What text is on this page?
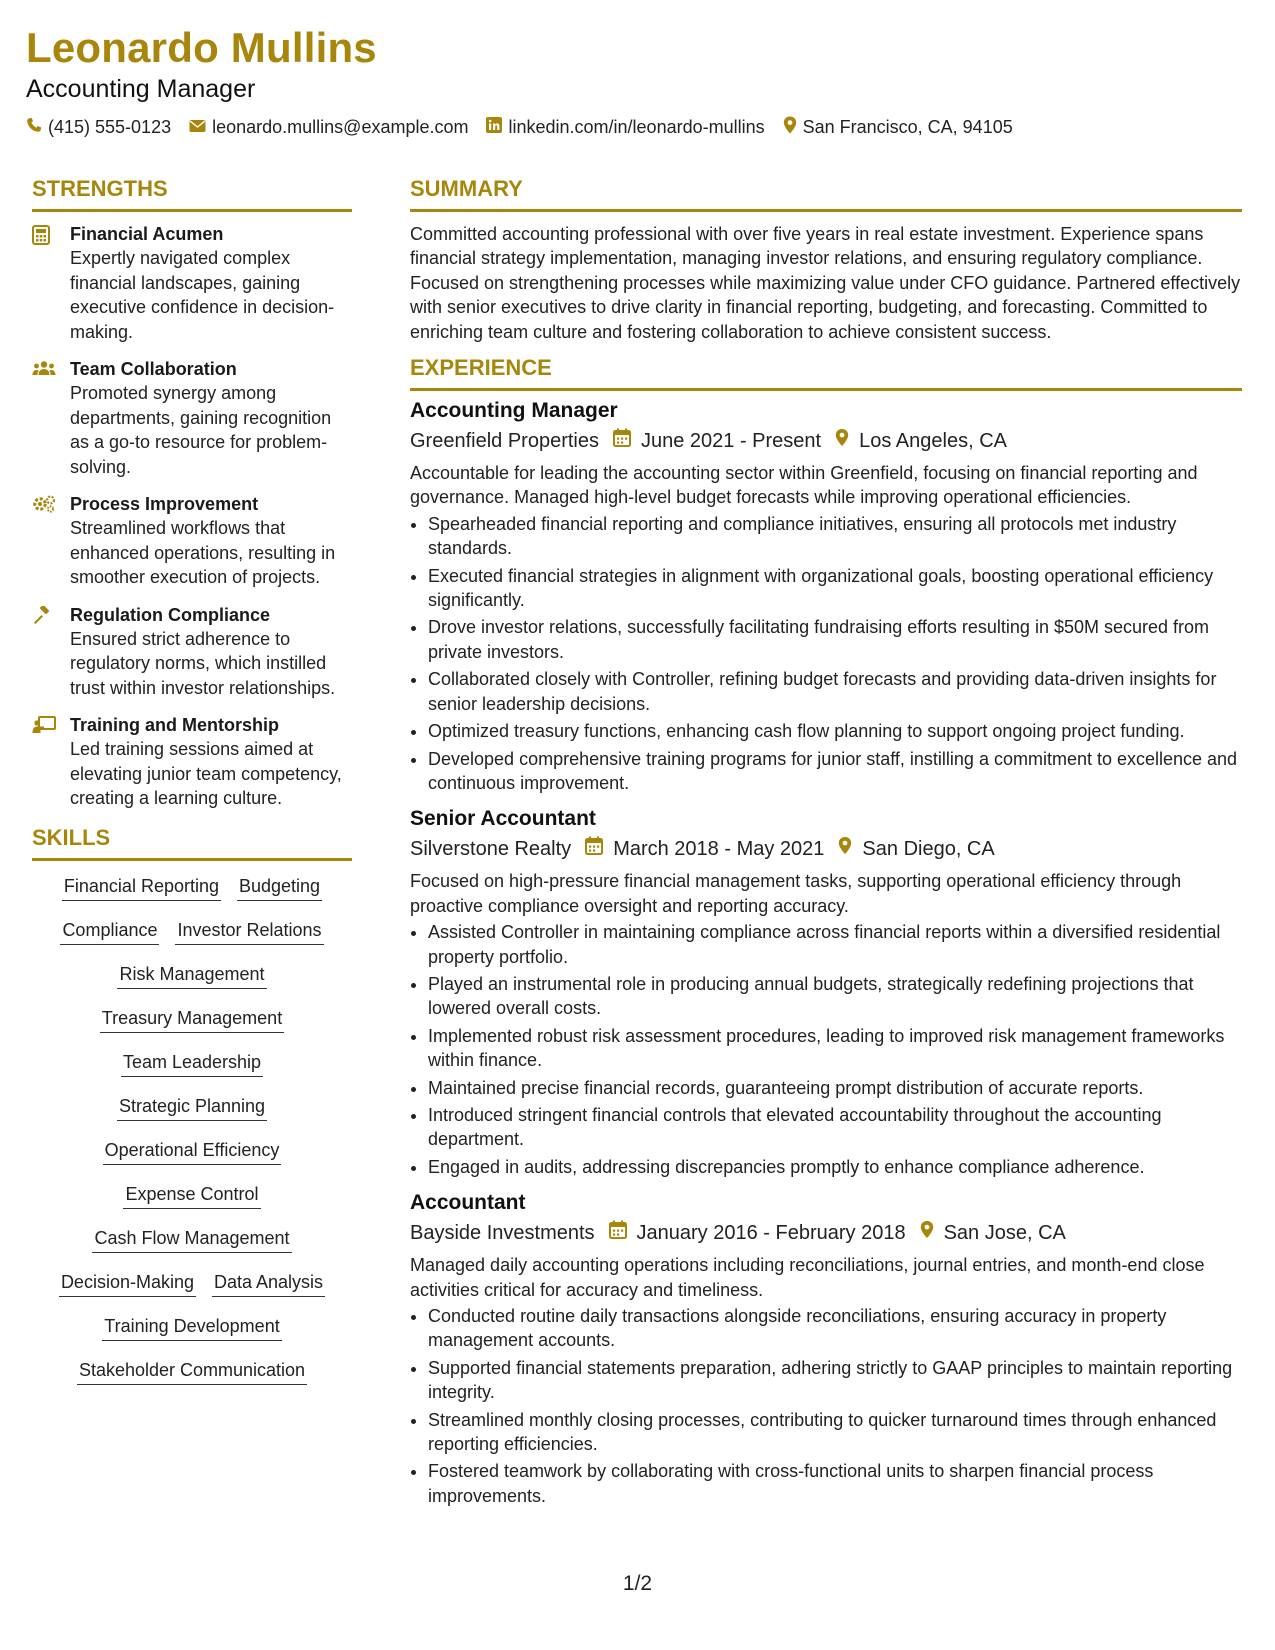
Leonardo Mullins
Accounting Manager
(415) 555-0123 leonardo.mullins@example.com linkedin.com/in/leonardo-mullins San Francisco, CA, 94105
STRENGTHS
Financial Acumen
Expertly navigated complex financial landscapes, gaining executive confidence in decision-making.
Team Collaboration
Promoted synergy among departments, gaining recognition as a go-to resource for problem-solving.
Process Improvement
Streamlined workflows that enhanced operations, resulting in smoother execution of projects.
Regulation Compliance
Ensured strict adherence to regulatory norms, which instilled trust within investor relationships.
Training and Mentorship
Led training sessions aimed at elevating junior team competency, creating a learning culture.
SKILLS
Financial Reporting Budgeting
Compliance Investor Relations
Risk Management
Treasury Management
Team Leadership
Strategic Planning
Operational Efficiency
Expense Control
Cash Flow Management
Decision-Making Data Analysis
Training Development
Stakeholder Communication
SUMMARY
Committed accounting professional with over five years in real estate investment. Experience spans financial strategy implementation, managing investor relations, and ensuring regulatory compliance. Focused on strengthening processes while maximizing value under CFO guidance. Partnered effectively with senior executives to drive clarity in financial reporting, budgeting, and forecasting. Committed to enriching team culture and fostering collaboration to achieve consistent success.
EXPERIENCE
Accounting Manager
Greenfield Properties June 2021 - Present Los Angeles, CA
Accountable for leading the accounting sector within Greenfield, focusing on financial reporting and governance. Managed high-level budget forecasts while improving operational efficiencies.
• Spearheaded financial reporting and compliance initiatives, ensuring all protocols met industry standards.
• Executed financial strategies in alignment with organizational goals, boosting operational efficiency significantly.
• Drove investor relations, successfully facilitating fundraising efforts resulting in $50M secured from private investors.
• Collaborated closely with Controller, refining budget forecasts and providing data-driven insights for senior leadership decisions.
• Optimized treasury functions, enhancing cash flow planning to support ongoing project funding.
• Developed comprehensive training programs for junior staff, instilling a commitment to excellence and continuous improvement.
Senior Accountant
Silverstone Realty March 2018 - May 2021 San Diego, CA
Focused on high-pressure financial management tasks, supporting operational efficiency through proactive compliance oversight and reporting accuracy.
• Assisted Controller in maintaining compliance across financial reports within a diversified residential property portfolio.
• Played an instrumental role in producing annual budgets, strategically redefining projections that lowered overall costs.
• Implemented robust risk assessment procedures, leading to improved risk management frameworks within finance.
• Maintained precise financial records, guaranteeing prompt distribution of accurate reports.
• Introduced stringent financial controls that elevated accountability throughout the accounting department.
• Engaged in audits, addressing discrepancies promptly to enhance compliance adherence.
Accountant
Bayside Investments January 2016 - February 2018 San Jose, CA
Managed daily accounting operations including reconciliations, journal entries, and month-end close activities critical for accuracy and timeliness.
• Conducted routine daily transactions alongside reconciliations, ensuring accuracy in property management accounts.
• Supported financial statements preparation, adhering strictly to GAAP principles to maintain reporting integrity.
• Streamlined monthly closing processes, contributing to quicker turnaround times through enhanced reporting efficiencies.
• Fostered teamwork by collaborating with cross-functional units to sharpen financial process improvements.
1/2
